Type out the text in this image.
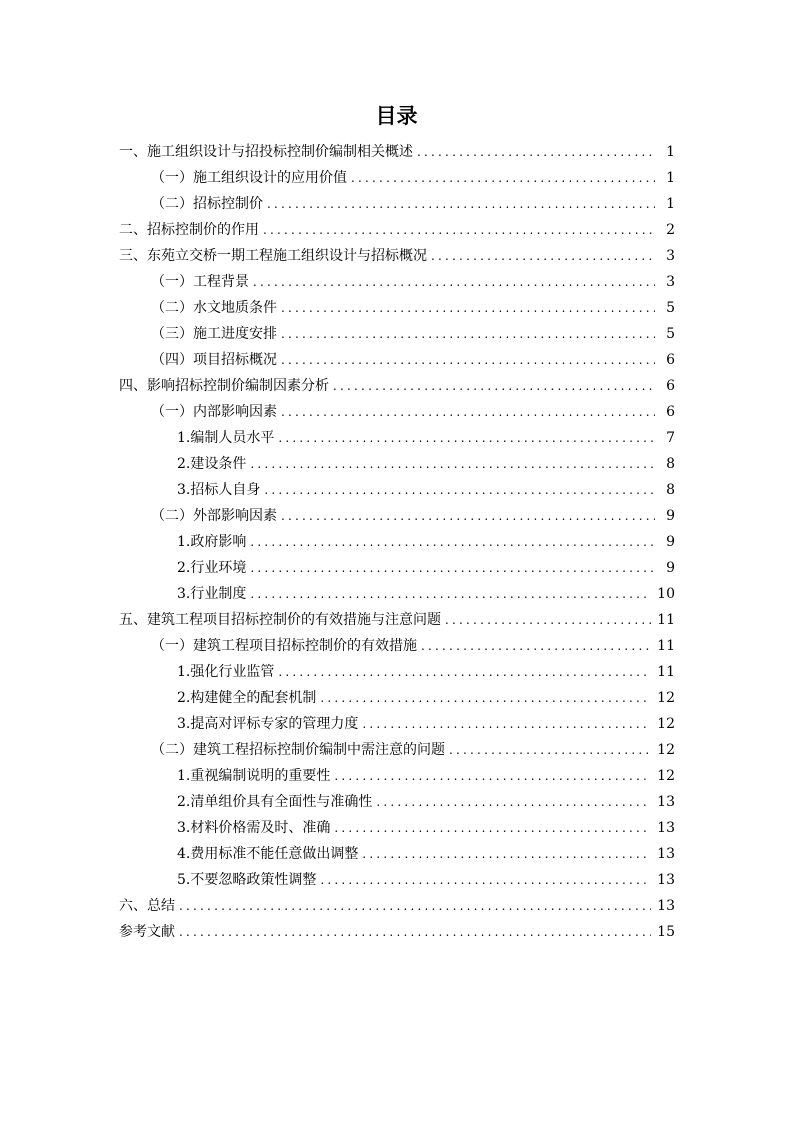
目录
一、施工组织设计与招投标控制价编制相关概述 .....	1
（一）施工组织设计的应用价值 .....	1
（二）招标控制价 .....	1
二、招标控制价的作用 .....	2
三、东苑立交桥一期工程施工组织设计与招标概况 .....	3
（一）工程背景 .....	3
（二）水文地质条件 .....	5
（三）施工进度安排 .....	5
（四）项目招标概况 .....	6
四、影响招标控制价编制因素分析 .....	6
（一）内部影响因素 .....	6
1.编制人员水平 .....	7
2.建设条件 .....	8
3.招标人自身 .....	8
（二）外部影响因素 .....	9
1.政府影响 .....	9
2.行业环境 .....	9
3.行业制度 .....	10
五、建筑工程项目招标控制价的有效措施与注意问题 .....	11
（一）建筑工程项目招标控制价的有效措施 .....	11
1.强化行业监管 .....	11
2.构建健全的配套机制 .....	12
3.提高对评标专家的管理力度 .....	12
（二）建筑工程招标控制价编制中需注意的问题 .....	12
1.重视编制说明的重要性 .....	12
2.清单组价具有全面性与准确性 .....	13
3.材料价格需及时、准确 .....	13
4.费用标准不能任意做出调整 .....	13
5.不要忽略政策性调整 .....	13
六、总结 .....	13
参考文献 .....	15
